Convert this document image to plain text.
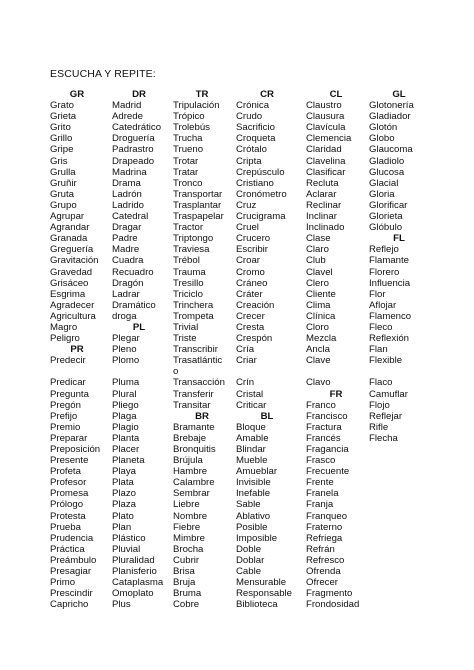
ESCUCHA Y REPITE:
GR
Grato
Grieta
Grito
Grillo
Gripe
Gris
Grulla
Gruñir
Gruta
Grupo
Agrupar
Agrandar
Granada
Greguería
Gravitación
Gravedad
Grisáceo
Esgrima
Agradecer
Agricultura
Magro
Peligro
PR
Predecir
Predicar
Pregunta
Pregón
Prefijo
Premio
Preparar
Preposición
Presente
Profeta
Profesor
Promesa
Prólogo
Protesta
Prueba
Prudencia
Práctica
Preámbulo
Presagiar
Primo
Prescindir
Capricho
DR
Madrid
Adrede
Catedrático
Droguería
Padrastro
Drapeado
Madrina
Drama
Ladrón
Ladrido
Catedral
Dragar
Padre
Madre
Cuadra
Recuadro
Dragón
Ladrar
Dramático
droga
PL
Plegar
Pleno
Plomo
Pluma
Plural
Pliego
Plaga
Plagio
Planta
Placer
Planeta
Playa
Plata
Plazo
Plaza
Plato
Plan
Plástico
Pluvial
Pluralidad
Planisferio
Cataplasma
Omoplato
Plus
TR
Tripulación
Trópico
Trolebús
Trucha
Trueno
Trotar
Tratar
Tronco
Transportar
Trasplantar
Traspapelar
Tractor
Triptongo
Traviesa
Trébol
Trauma
Tresillo
Triciclo
Trinchera
Trompeta
Trivial
Triste
Transcribir
Trasatlántic
o
Transacción
Transferir
Transitar
BR
Bramante
Brebaje
Bronquitis
Brújula
Hambre
Calambre
Sembrar
Liebre
Nombre
Fiebre
Mimbre
Brocha
Cubrir
Brisa
Bruja
Bruma
Cobre
CR
Crónica
Crudo
Sacrificio
Croqueta
Crótalo
Cripta
Crepúsculo
Cristiano
Cronómetro
Cruz
Crucigrama
Cruel
Crucero
Escribir
Croar
Cromo
Cráneo
Cráter
Creación
Crecer
Cresta
Crespón
Cría
Criar
Crín
Cristal
Criticar
BL
Bloque
Amable
Blindar
Mueble
Amueblar
Invisible
Inefable
Sable
Ablativo
Posible
Imposible
Doble
Doblar
Cable
Mensurable
Responsable
Biblioteca
CL
Claustro
Clausura
Clavícula
Clemencia
Claridad
Clavelina
Clasificar
Recluta
Aclarar
Reclinar
Inclinar
Inclinado
Clase
Claro
Club
Clavel
Clero
Cliente
Clima
Clínica
Cloro
Mezcla
Ancla
Clave
Clavo
FR
Franco
Francisco
Fractura
Francés
Fragancia
Frasco
Frecuente
Frente
Franela
Franja
Franqueo
Fraterno
Refriega
Refrán
Refresco
Ofrenda
Ofrecer
Fragmento
Frondosidad
GL
Glotonería
Gladiador
Glotón
Globo
Glaucoma
Gladiolo
Glucosa
Glacial
Gloria
Glorificar
Glorieta
Glóbulo
FL
Reflejo
Flamante
Florero
Influencia
Flor
Aflojar
Flamenco
Fleco
Reflexión
Flan
Flexible
Flaco
Camuflar
Flojo
Reflejar
Rifle
Flecha
